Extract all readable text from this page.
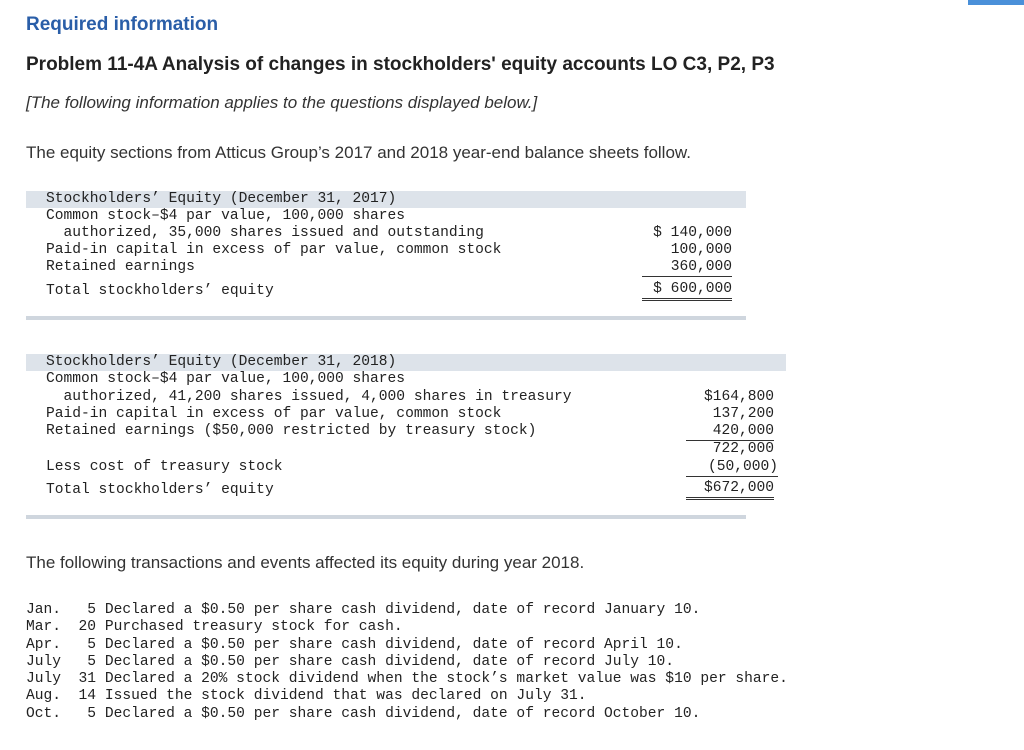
Required information
Problem 11-4A Analysis of changes in stockholders' equity accounts LO C3, P2, P3
[The following information applies to the questions displayed below.]
The equity sections from Atticus Group’s 2017 and 2018 year-end balance sheets follow.
Stockholders’ Equity (December 31, 2017)
Common stock–$4 par value, 100,000 shares
authorized, 35,000 shares issued and outstanding
Paid-in capital in excess of par value, common stock
Retained earnings
Total stockholders’ equity
$ 140,000
100,000
360,000
$ 600,000
Stockholders’ Equity (December 31, 2018)
Common stock–$4 par value, 100,000 shares
authorized, 41,200 shares issued, 4,000 shares in treasury
Paid-in capital in excess of par value, common stock
Retained earnings ($50,000 restricted by treasury stock)
Less cost of treasury stock
Total stockholders’ equity
$164,800
137,200
420,000
722,000
(50,000)
$672,000
The following transactions and events affected its equity during year 2018.
Jan.   5 Declared a $0.50 per share cash dividend, date of record January 10.
Mar.  20 Purchased treasury stock for cash.
Apr.   5 Declared a $0.50 per share cash dividend, date of record April 10.
July   5 Declared a $0.50 per share cash dividend, date of record July 10.
July  31 Declared a 20% stock dividend when the stock’s market value was $10 per share.
Aug.  14 Issued the stock dividend that was declared on July 31.
Oct.   5 Declared a $0.50 per share cash dividend, date of record October 10.
